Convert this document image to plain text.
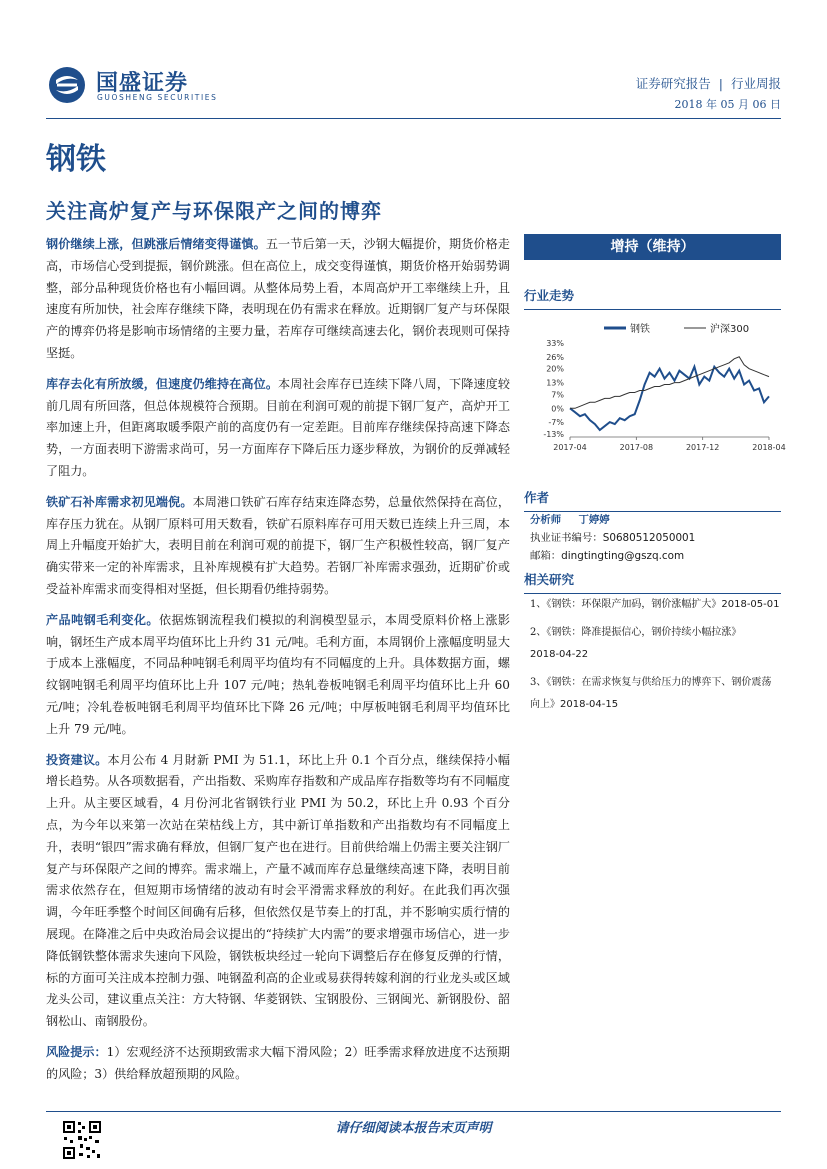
国盛证券
GUOSHENG SECURITIES
证券研究报告 | 行业周报
2018 年 05 月 06 日
钢铁
关注高炉复产与环保限产之间的博弈

钢价继续上涨，但跳涨后情绪变得谨慎。五一节后第一天，沙钢大幅提价，期货价格走高，市场信心受到提振，钢价跳涨。但在高位上，成交变得谨慎，期货价格开始弱势调整，部分品种现货价格也有小幅回调。从整体局势上看，本周高炉开工率继续上升，且速度有所加快，社会库存继续下降，表明现在仍有需求在释放。近期钢厂复产与环保限产的博弈仍将是影响市场情绪的主要力量，若库存可继续高速去化，钢价表现则可保持坚挺。

库存去化有所放缓，但速度仍维持在高位。本周社会库存已连续下降八周，下降速度较前几周有所回落，但总体规模符合预期。目前在利润可观的前提下钢厂复产，高炉开工率加速上升，但距离取暖季限产前的高度仍有一定差距。目前库存继续保持高速下降态势，一方面表明下游需求尚可，另一方面库存下降后压力逐步释放，为钢价的反弹减轻了阻力。

铁矿石补库需求初见端倪。本周港口铁矿石库存结束连降态势，总量依然保持在高位，库存压力犹在。从钢厂原料可用天数看，铁矿石原料库存可用天数已连续上升三周，本周上升幅度开始扩大，表明目前在利润可观的前提下，钢厂生产积极性较高，钢厂复产确实带来一定的补库需求，且补库规模有扩大趋势。若钢厂补库需求强劲，近期矿价或受益补库需求而变得相对坚挺，但长期看仍维持弱势。

产品吨钢毛利变化。依据炼钢流程我们模拟的利润模型显示，本周受原料价格上涨影响，钢坯生产成本周平均值环比上升约 31 元/吨。毛利方面，本周钢价上涨幅度明显大于成本上涨幅度，不同品种吨钢毛利周平均值均有不同幅度的上升。具体数据方面，螺纹钢吨钢毛利周平均值环比上升 107 元/吨；热轧卷板吨钢毛利周平均值环比上升 60 元/吨；冷轧卷板吨钢毛利周平均值环比下降 26 元/吨；中厚板吨钢毛利周平均值环比上升 79 元/吨。

投资建议。本月公布 4 月財新 PMI 为 51.1，环比上升 0.1 个百分点，继续保持小幅增长趋势。从各项数据看，产出指数、采购库存指数和产成品库存指数等均有不同幅度上升。从主要区域看，4 月份河北省钢铁行业 PMI 为 50.2，环比上升 0.93 个百分点，为今年以来第一次站在荣枯线上方，其中新订单指数和产出指数均有不同幅度上升，表明“银四”需求确有释放，但钢厂复产也在进行。目前供给端上仍需主要关注钢厂复产与环保限产之间的博弈。需求端上，产量不减而库存总量继续高速下降，表明目前需求依然存在，但短期市场情绪的波动有时会平滑需求释放的利好。在此我们再次强调，今年旺季整个时间区间确有后移，但依然仅是节奏上的打乱，并不影响实质行情的展现。在降准之后中央政治局会议提出的“持续扩大内需”的要求增强市场信心，进一步降低钢铁整体需求失速向下风险，钢铁板块经过一轮向下调整后存在修复反弹的行情，标的方面可关注成本控制力强、吨钢盈利高的企业或易获得转嫁利润的行业龙头或区域龙头公司，建议重点关注：方大特钢、华菱钢铁、宝钢股份、三钢闽光、新钢股份、韶钢松山、南钢股份。

风险提示：1）宏观经济不达预期致需求大幅下滑风险；2）旺季需求释放进度不达预期的风险；3）供给释放超预期的风险。

增持（维持）
行业走势
钢铁	沪深300
33%
26%
20%
13%
7%
0%
-7%
-13%
2017-04	2017-08	2017-12	2018-04
作者
分析师 丁婷婷
执业证书编号：S0680512050001
邮箱：dingtingting@gszq.com
相关研究
1、《钢铁：环保限产加码，钢价涨幅扩大》2018-05-01
2、《钢铁：降准提振信心，钢价持续小幅拉涨》
2018-04-22
3、《钢铁：在需求恢复与供给压力的博弈下、钢价震荡向上》2018-04-15
请仔细阅读本报告末页声明
